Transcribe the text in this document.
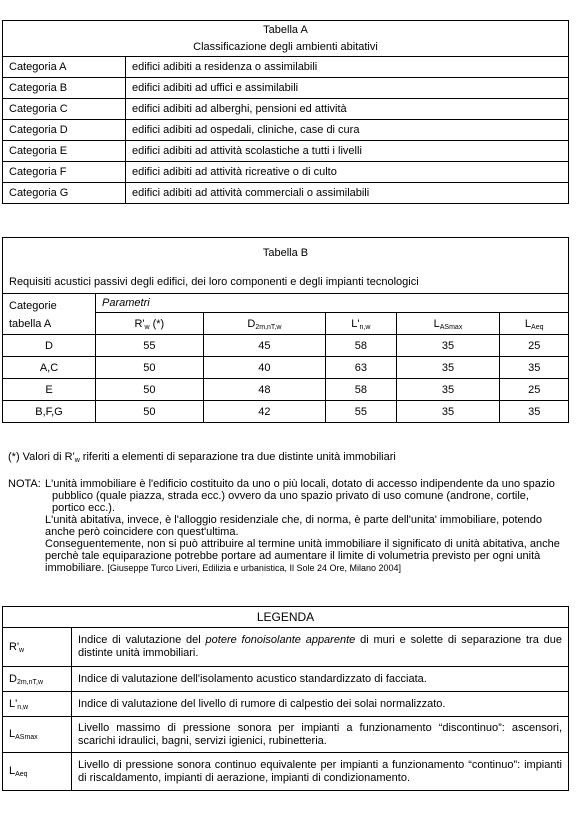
Tabella A
Classificazione degli ambienti abitativi	

Categoria A	edifici adibiti a residenza o assimilabili
Categoria B	edifici adibiti ad uffici e assimilabili
Categoria C	edifici adibiti ad alberghi, pensioni ed attività
Categoria D	edifici adibiti ad ospedali, cliniche, case di cura
Categoria E	edifici adibiti ad attività scolastiche a tutti i livelli
Categoria F	edifici adibiti ad attività ricreative o di culto
Categoria G	edifici adibiti ad attività commerciali o assimilabili
Tabella B
Requisiti acustici passivi degli edifici, dei loro componenti e degli impianti tecnologici					

Categorie
tabella A	Parametri				
	$R'_w$ (*)	$D_{2m,nT,w}$	$L'_{n,w}$	$L_{ASmax}$	$L_{Aeq}$
D	55	45	58	35	25
A,C	50	40	63	35	35
E	50	48	58	35	25
B,F,G	50	42	55	35	35
(*) Valori di $R'_w$ riferiti a elementi di separazione tra due distinte unità immobiliari
NOTA: L'unità immobiliare è l'edificio costituito da uno o più locali, dotato di accesso indipendente da uno spazio pubblico (quale piazza, strada ecc.) ovvero da uno spazio privato di uso comune (androne, cortile, portico ecc.).

L'unità abitativa, invece, è l'alloggio residenziale che, di norma, è parte dell'unita' immobiliare, potendo anche però coincidere con quest'ultima.

Conseguentemente, non si può attribuire al termine unità immobiliare il significato di unità abitativa, anche perchè tale equiparazione potrebbe portare ad aumentare il limite di volumetria previsto per ogni unità immobiliare. [Giuseppe Turco Liveri, Edilizia e urbanistica, Il Sole 24 Ore, Milano 2004]

LEGENDA	
$R'_w$	Indice di valutazione del potere fonoisolante apparente di muri e solette di separazione tra due distinte unità immobiliari.
$D_{2m,nT,w}$	Indice di valutazione dell'isolamento acustico standardizzato di facciata.
$L'_{n,w}$	Indice di valutazione del livello di rumore di calpestio dei solai normalizzato.
$L_{ASmax}$	Livello massimo di pressione sonora per impianti a funzionamento “discontinuo”: ascensori, scarichi idraulici, bagni, servizi igienici, rubinetteria.
$L_{Aeq}$	Livello di pressione sonora continuo equivalente per impianti a funzionamento “continuo”: impianti di riscaldamento, impianti di aerazione, impianti di condizionamento.
